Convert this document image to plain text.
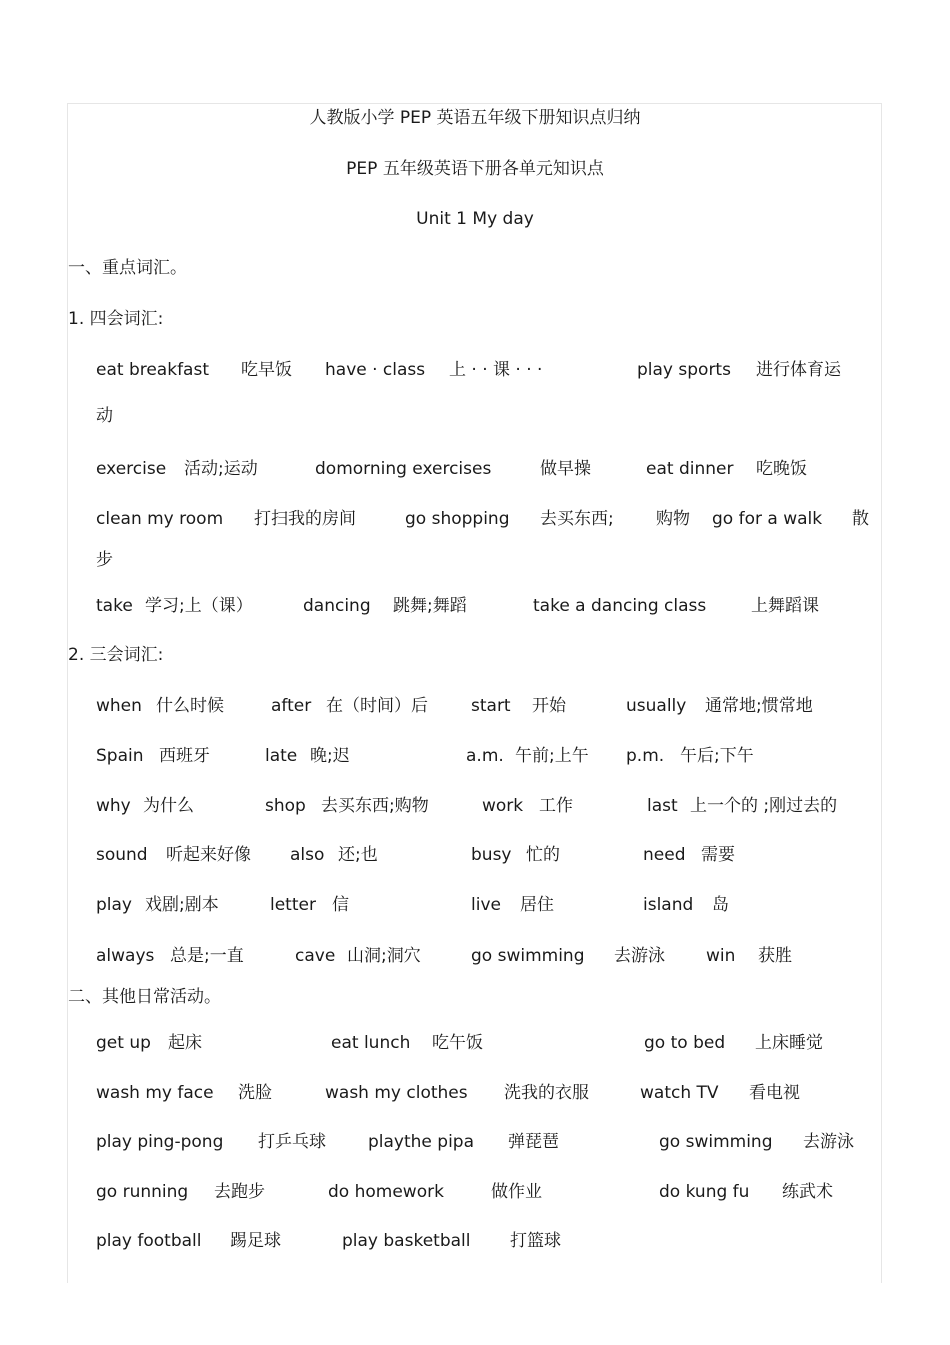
人教版小学 PEP 英语五年级下册知识点归纳
PEP 五年级英语下册各单元知识点
Unit 1 My day
一、重点词汇。
1. 四会词汇:
eat breakfast 吃早饭 have · class 上 · · 课 · · ·	play sports 进行体育运
动
exercise 活动;运动	domorning exercises	做早操	eat dinner 吃晚饭
clean my room 打扫我的房间	go shopping 去买东西; 购物 go for a walk 散
步
take 学习;上（课）	dancing 跳舞;舞蹈	take a dancing class	上舞蹈课
2. 三会词汇:
when 什么时候	after 在（时间）后	start 开始	usually 通常地;惯常地
Spain 西班牙	late 晚;迟	a.m. 午前;上午 p.m. 午后;下午
why 为什么	shop 去买东西;购物	work 工作	last 上一个的 ;刚过去的
sound 听起来好像 also 还;也	busy 忙的	need 需要
play 戏剧;剧本	letter 信	live 居住	island 岛
always 总是;一直	cave 山洞;洞穴	go swimming 去游泳 win 获胜
二、其他日常活动。
get up 起床	eat lunch 吃午饭	go to bed 上床睡觉
wash my face 洗脸	wash my clothes 洗我的衣服	watch TV 看电视
play ping-pong 打乒乓球 playthe pipa 弹琵琶	go swimming 去游泳
go running 去跑步	do homework	做作业	do kung fu 练武术
play football 踢足球	play basketball 打篮球
